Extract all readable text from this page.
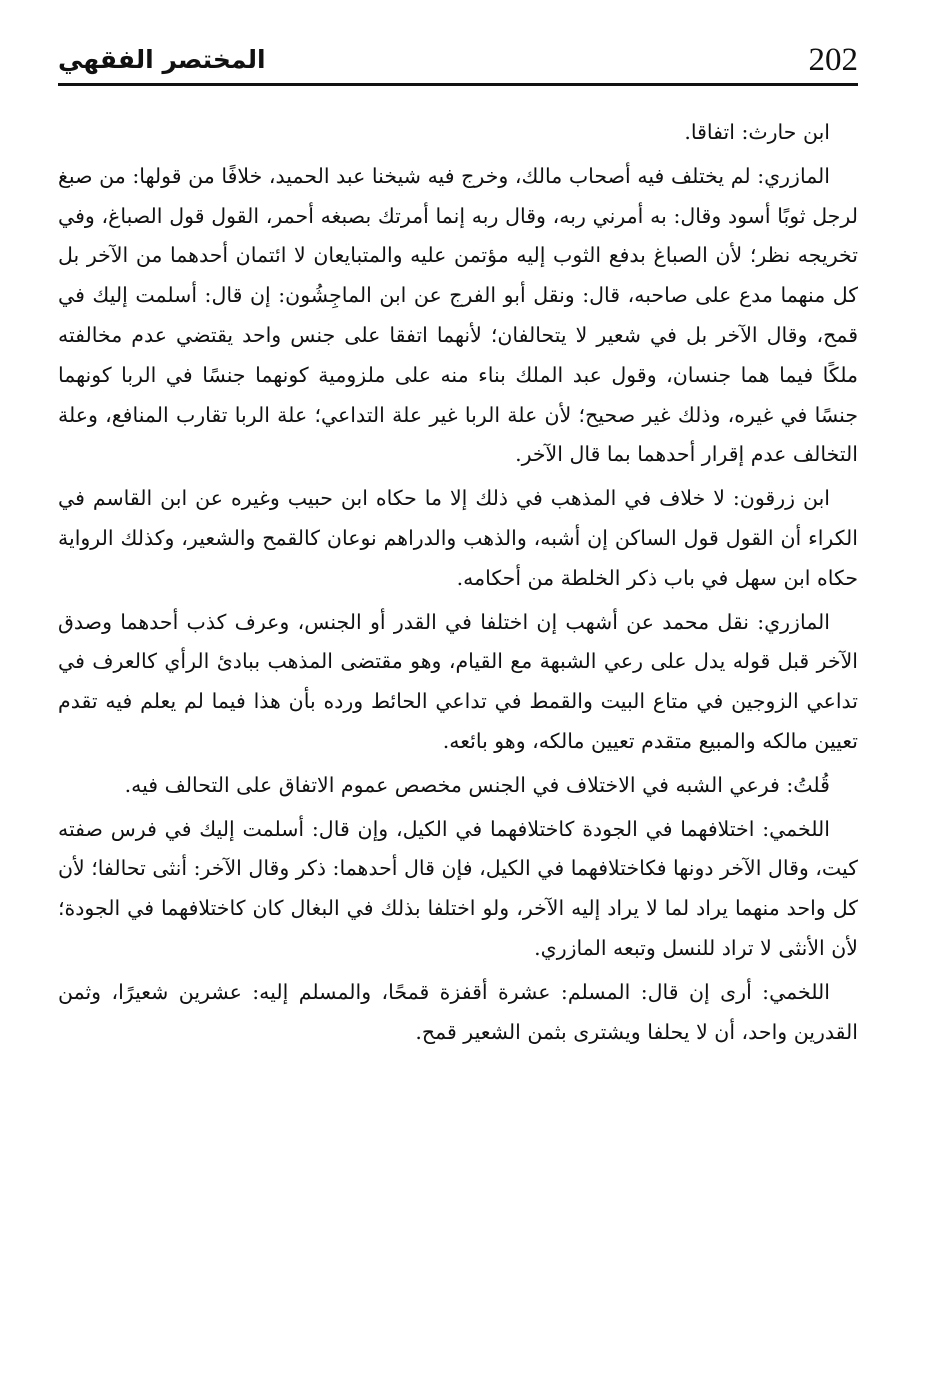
202
المختصر الفقهي

ابن حارث: اتفاقا.

المازري: لم يختلف فيه أصحاب مالك، وخرج فيه شيخنا عبد الحميد، خلافًا من قولها: من صبغ لرجل ثوبًا أسود وقال: به أمرني ربه، وقال ربه إنما أمرتك بصبغه أحمر، القول قول الصباغ، وفي تخريجه نظر؛ لأن الصباغ بدفع الثوب إليه مؤتمن عليه والمتبايعان لا ائتمان أحدهما من الآخر بل كل منهما مدع على صاحبه، قال: ونقل أبو الفرج عن ابن الماجِشُون: إن قال: أسلمت إليك في قمح، وقال الآخر بل في شعير لا يتحالفان؛ لأنهما اتفقا على جنس واحد يقتضي عدم مخالفته ملكًا فيما هما جنسان، وقول عبد الملك بناء منه على ملزومية كونهما جنسًا في الربا كونهما جنسًا في غيره، وذلك غير صحيح؛ لأن علة الربا غير علة التداعي؛ علة الربا تقارب المنافع، وعلة التخالف عدم إقرار أحدهما بما قال الآخر.

ابن زرقون: لا خلاف في المذهب في ذلك إلا ما حكاه ابن حبيب وغيره عن ابن القاسم في الكراء أن القول قول الساكن إن أشبه، والذهب والدراهم نوعان كالقمح والشعير، وكذلك الرواية حكاه ابن سهل في باب ذكر الخلطة من أحكامه.

المازري: نقل محمد عن أشهب إن اختلفا في القدر أو الجنس، وعرف كذب أحدهما وصدق الآخر قبل قوله يدل على رعي الشبهة مع القيام، وهو مقتضى المذهب ببادئ الرأي كالعرف في تداعي الزوجين في متاع البيت والقمط في تداعي الحائط ورده بأن هذا فيما لم يعلم فيه تقدم تعيين مالكه والمبيع متقدم تعيين مالكه، وهو بائعه.

قُلتُ: فرعي الشبه في الاختلاف في الجنس مخصص عموم الاتفاق على التحالف فيه.

اللخمي: اختلافهما في الجودة كاختلافهما في الكيل، وإن قال: أسلمت إليك في فرس صفته كيت، وقال الآخر دونها فكاختلافهما في الكيل، فإن قال أحدهما: ذكر وقال الآخر: أنثى تحالفا؛ لأن كل واحد منهما يراد لما لا يراد إليه الآخر، ولو اختلفا بذلك في البغال كان كاختلافهما في الجودة؛ لأن الأنثى لا تراد للنسل وتبعه المازري.

اللخمي: أرى إن قال: المسلم: عشرة أقفزة قمحًا، والمسلم إليه: عشرين شعيرًا، وثمن القدرين واحد، أن لا يحلفا ويشترى بثمن الشعير قمح.
